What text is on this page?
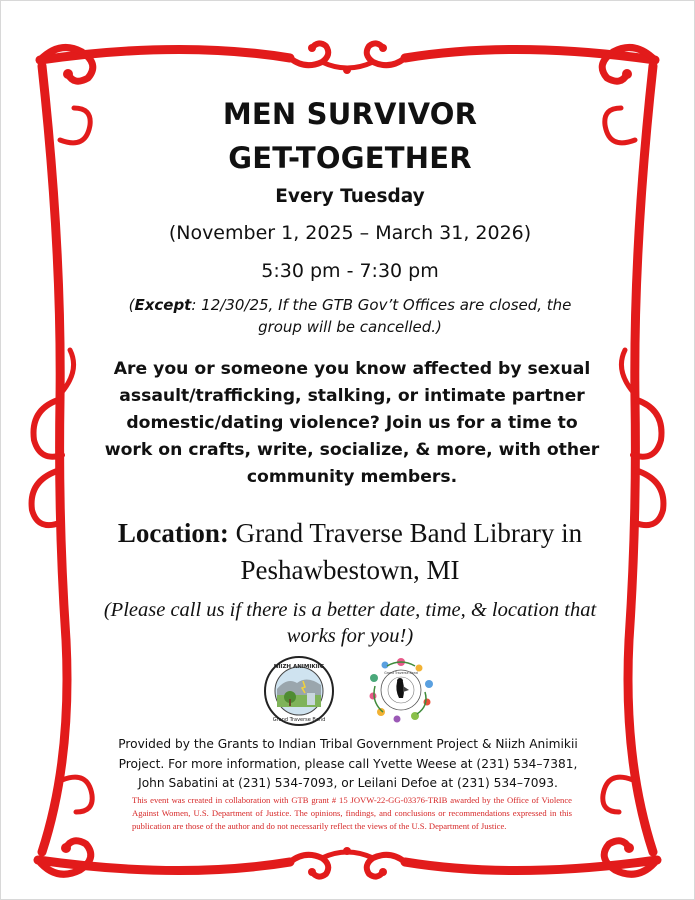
MEN SURVIVOR
GET-TOGETHER
Every Tuesday
(November 1, 2025 – March 31, 2026)
5:30 pm - 7:30 pm
(Except: 12/30/25, If the GTB Gov’t Offices are closed, the group will be cancelled.)
Are you or someone you know affected by sexual assault/trafficking, stalking, or intimate partner domestic/dating violence? Join us for a time to work on crafts, write, socialize, & more, with other community members.
Location: Grand Traverse Band Library in Peshawbestown, MI
(Please call us if there is a better date, time, & location that works for you!)
NIIZH ANIMIKIIG
Grand Traverse Band
Grand Traverse Band
Provided by the Grants to Indian Tribal Government Project & Niizh Animikii Project. For more information, please call Yvette Weese at (231) 534–7381, John Sabatini at (231) 534-7093, or Leilani Defoe at (231) 534–7093.
This event was created in collaboration with GTB grant # 15 JOVW-22-GG-03376-TRIB awarded by the Office of Violence Against Women, U.S. Department of Justice. The opinions, findings, and conclusions or recommendations expressed in this publication are those of the author and do not necessarily reflect the views of the U.S. Department of Justice.
